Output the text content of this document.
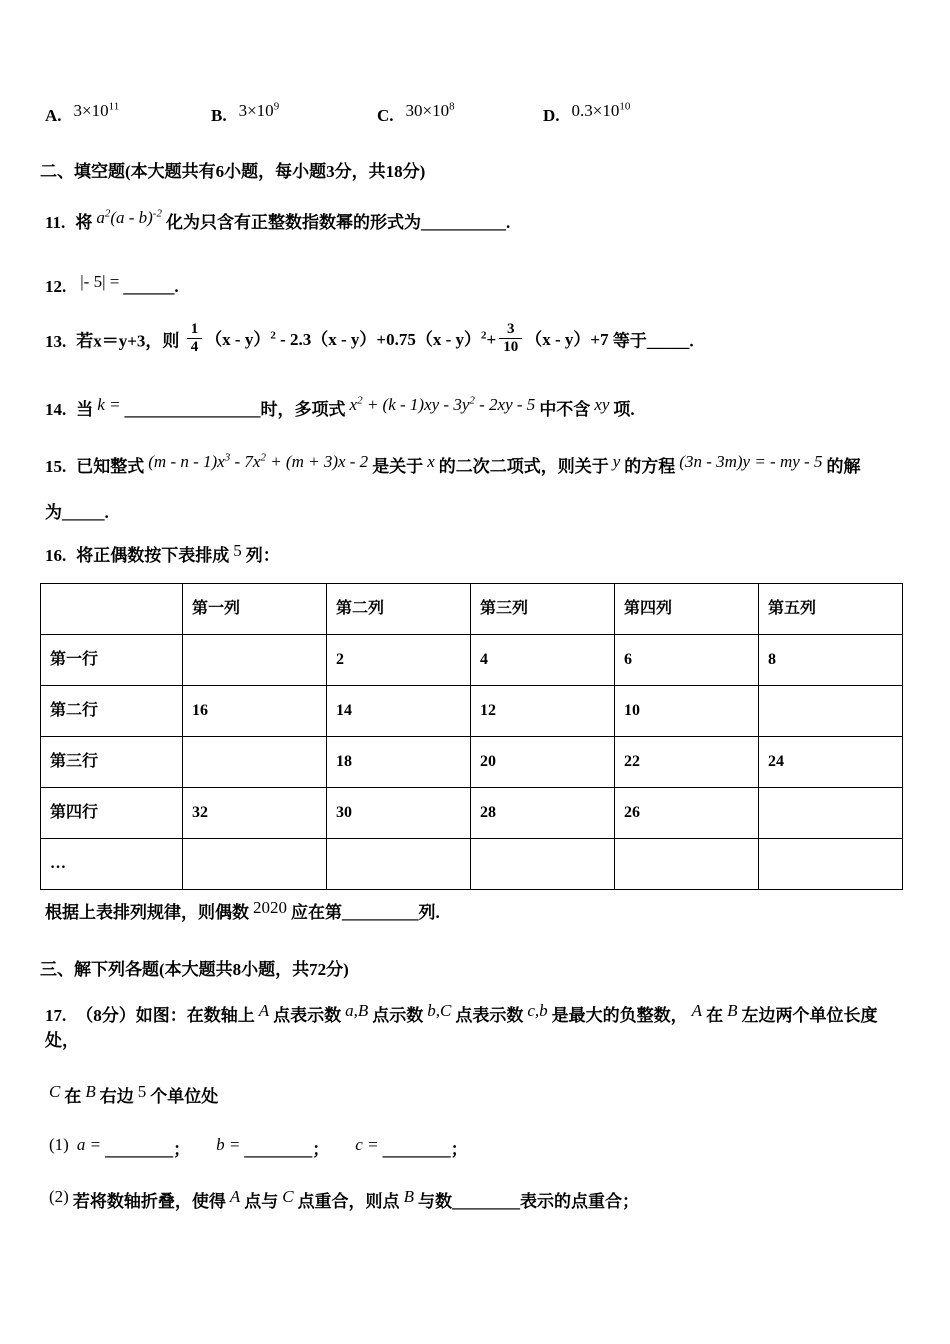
A. $3\times 10^{11}$	B. $3\times 10^9$	C. $30\times 10^8$	D. $0.3\times 10^{10}$
二、填空题(本大题共有6小题，每小题3分，共18分)
11. 将 $a^2(a - b)^{-2}$ 化为只含有正整数指数幂的形式为__________.
12. |- 5| = ______.
13. 若x＝y+3，则 $\frac{1}{4} (x - y)^2 - 2.3(x - y)+0.75(x - y)^2+ \frac{3}{10} (x - y)+7$ 等于_____.
14. 当 k = ________________时，多项式 $x^2 + (k - 1)xy - 3y^2 - 2xy - 5$ 中不含 xy 项.
15. 已知整式 $(m - n - 1)x^3 - 7x^2 + (m + 3)x - 2$ 是关于 x 的二次二项式，则关于 y 的方程 (3n - 3m)y = - my - 5 的解
为_____.
16. 将正偶数按下表排成 5 列：
	第一列	第二列	第三列	第四列	第五列
第一行		2	4	6	8
第二行	16	14	12	10	
第三行		18	20	22	24
第四行	32	30	28	26	
…					
根据上表排列规律，则偶数 2020 应在第_________列.
三、解下列各题(本大题共8小题，共72分)
17. （8分）如图：在数轴上 A 点表示数 a,B 点示数 b,C 点表示数 c,b 是最大的负整数， A 在 B 左边两个单位长度处，
C 在 B 右边 5 个单位处
(1) a = ________； b = ________； c = ________；
(2) 若将数轴折叠，使得 A 点与 C 点重合，则点 B 与数________表示的点重合；
